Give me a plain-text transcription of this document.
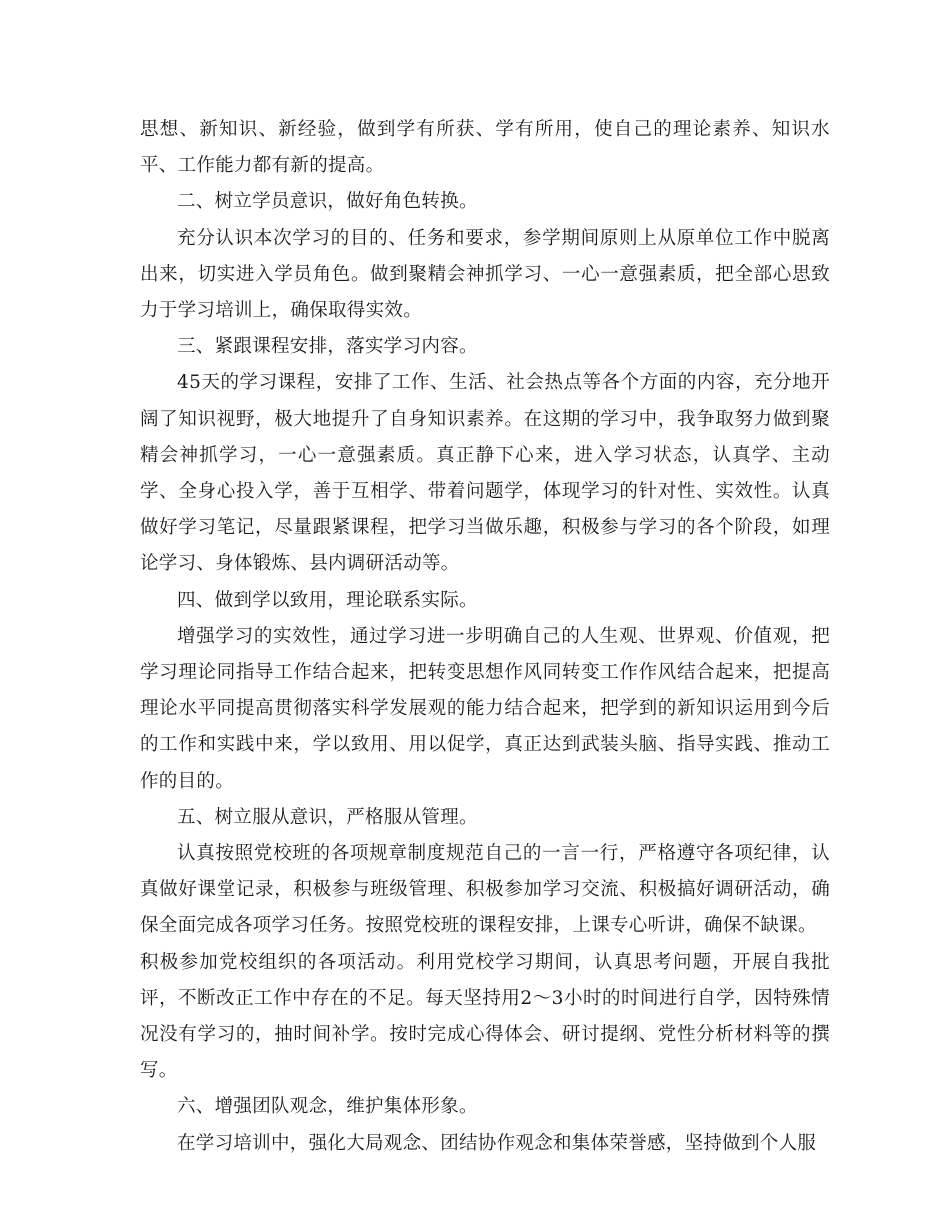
思想、新知识、新经验，做到学有所获、学有所用，使自己的理论素养、知识水平、工作能力都有新的提高。

二、树立学员意识，做好角色转换。

充分认识本次学习的目的、任务和要求，参学期间原则上从原单位工作中脱离出来，切实进入学员角色。做到聚精会神抓学习、一心一意强素质，把全部心思致力于学习培训上，确保取得实效。

三、紧跟课程安排，落实学习内容。

45天的学习课程，安排了工作、生活、社会热点等各个方面的内容，充分地开阔了知识视野，极大地提升了自身知识素养。在这期的学习中，我争取努力做到聚精会神抓学习，一心一意强素质。真正静下心来，进入学习状态，认真学、主动学、全身心投入学，善于互相学、带着问题学，体现学习的针对性、实效性。认真做好学习笔记，尽量跟紧课程，把学习当做乐趣，积极参与学习的各个阶段，如理论学习、身体锻炼、县内调研活动等。

四、做到学以致用，理论联系实际。

增强学习的实效性，通过学习进一步明确自己的人生观、世界观、价值观，把学习理论同指导工作结合起来，把转变思想作风同转变工作作风结合起来，把提高理论水平同提高贯彻落实科学发展观的能力结合起来，把学到的新知识运用到今后的工作和实践中来，学以致用、用以促学，真正达到武装头脑、指导实践、推动工作的目的。

五、树立服从意识，严格服从管理。

认真按照党校班的各项规章制度规范自己的一言一行，严格遵守各项纪律，认真做好课堂记录，积极参与班级管理、积极参加学习交流、积极搞好调研活动，确保全面完成各项学习任务。按照党校班的课程安排，上课专心听讲，确保不缺课。

积极参加党校组织的各项活动。利用党校学习期间，认真思考问题，开展自我批评，不断改正工作中存在的不足。每天坚持用2～3小时的时间进行自学，因特殊情况没有学习的，抽时间补学。按时完成心得体会、研讨提纲、党性分析材料等的撰写。

六、增强团队观念，维护集体形象。

在学习培训中，强化大局观念、团结协作观念和集体荣誉感，坚持做到个人服
